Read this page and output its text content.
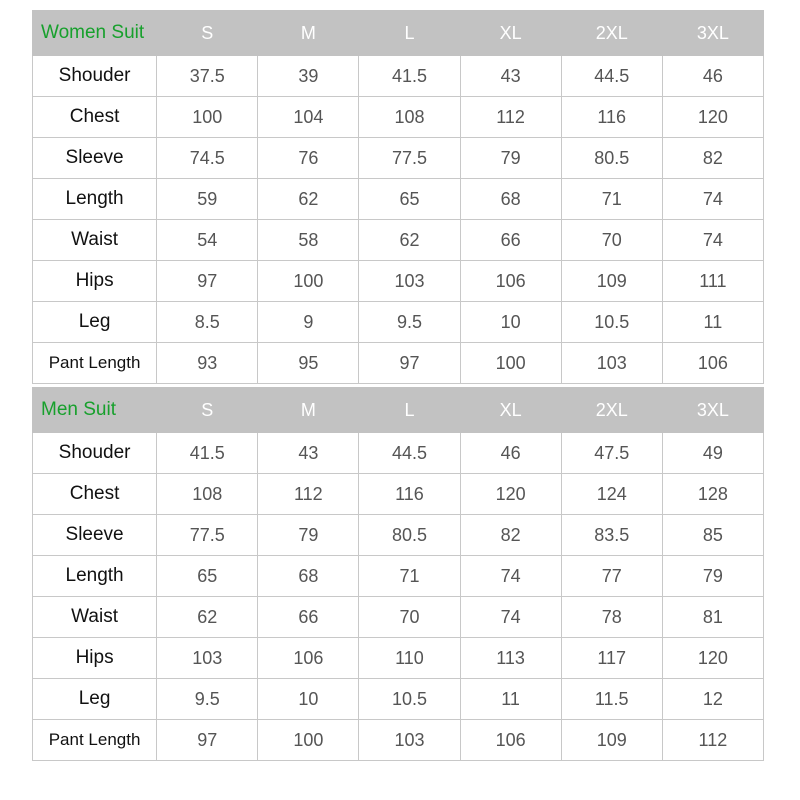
Women Suit	S	M	L	XL	2XL	3XL
Shouder	37.5	39	41.5	43	44.5	46
Chest	100	104	108	112	116	120
Sleeve	74.5	76	77.5	79	80.5	82
Length	59	62	65	68	71	74
Waist	54	58	62	66	70	74
Hips	97	100	103	106	109	111
Leg	8.5	9	9.5	10	10.5	11
Pant Length	93	95	97	100	103	106
Men Suit	S	M	L	XL	2XL	3XL
Shouder	41.5	43	44.5	46	47.5	49
Chest	108	112	116	120	124	128
Sleeve	77.5	79	80.5	82	83.5	85
Length	65	68	71	74	77	79
Waist	62	66	70	74	78	81
Hips	103	106	110	113	117	120
Leg	9.5	10	10.5	11	11.5	12
Pant Length	97	100	103	106	109	112
